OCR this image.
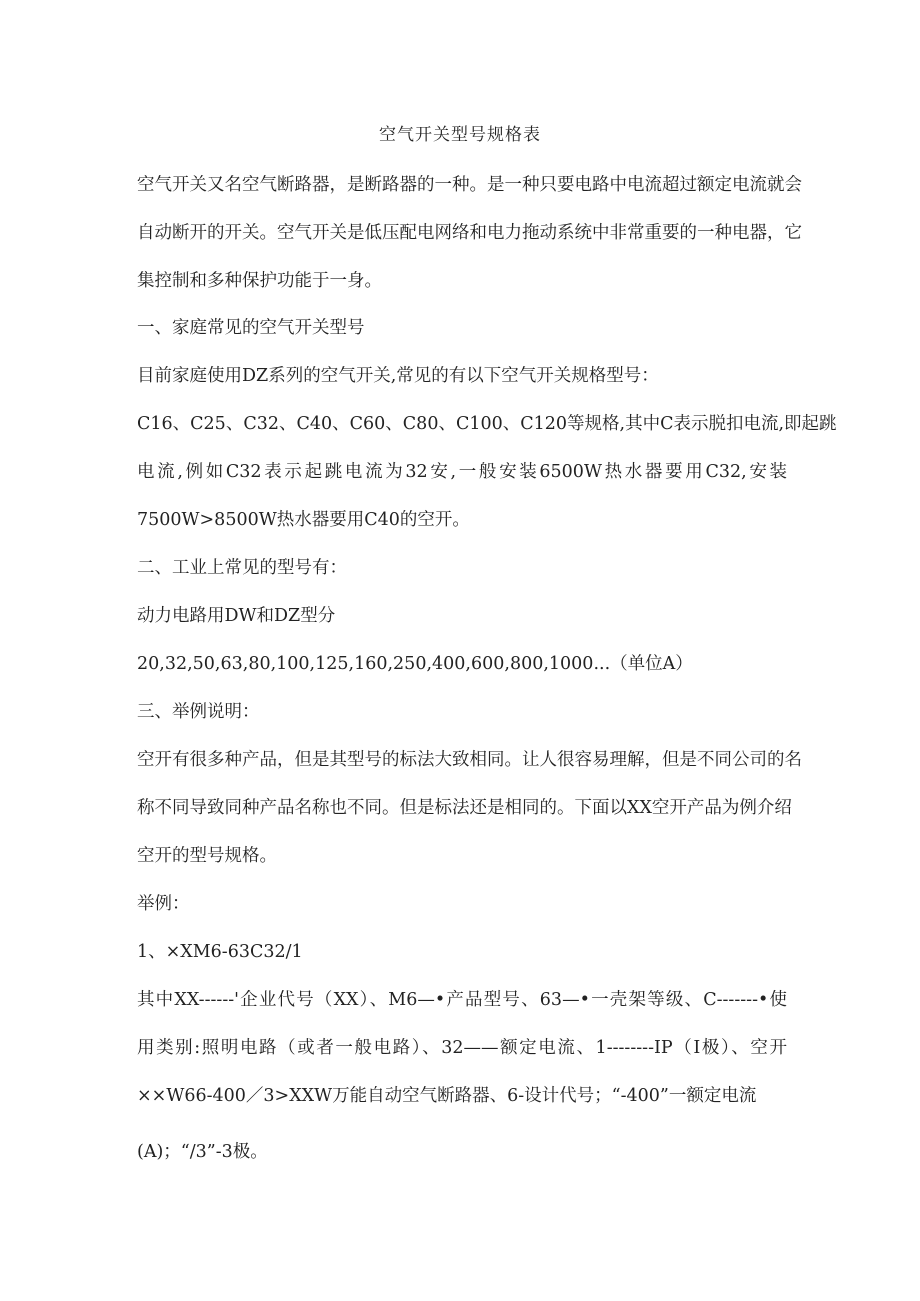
空气开关型号规格表
空气开关又名空气断路器，是断路器的一种。是一种只要电路中电流超过额定电流就会
自动断开的开关。空气开关是低压配电网络和电力拖动系统中非常重要的一种电器，它
集控制和多种保护功能于一身。
一、家庭常见的空气开关型号
目前家庭使用DZ系列的空气开关,常见的有以下空气开关规格型号：
C16、C25、C32、C40、C60、C80、C100、C120等规格,其中C表示脱扣电流,即起跳
电流,例如C32表示起跳电流为32安,一般安装6500W热水器要用C32,安装
7500W>8500W热水器要用C40的空开。
二、工业上常见的型号有：
动力电路用DW和DZ型分
20,32,50,63,80,100,125,160,250,400,600,800,1000...（单位A）
三、举例说明：
空开有很多种产品，但是其型号的标法大致相同。让人很容易理解，但是不同公司的名
称不同导致同种产品名称也不同。但是标法还是相同的。下面以XX空开产品为例介绍
空开的型号规格。
举例：
1、×XM6-63C32/1
其中XX------'企业代号（XX）、M6—•产品型号、63—•一壳架等级、C-------•使
用类别:照明电路（或者一般电路）、32——额定电流、1--------IP（I极）、空开
××W66-400／3>XXW万能自动空气断路器、6-设计代号；“-400”一额定电流
(A)；“/3”-3极。
